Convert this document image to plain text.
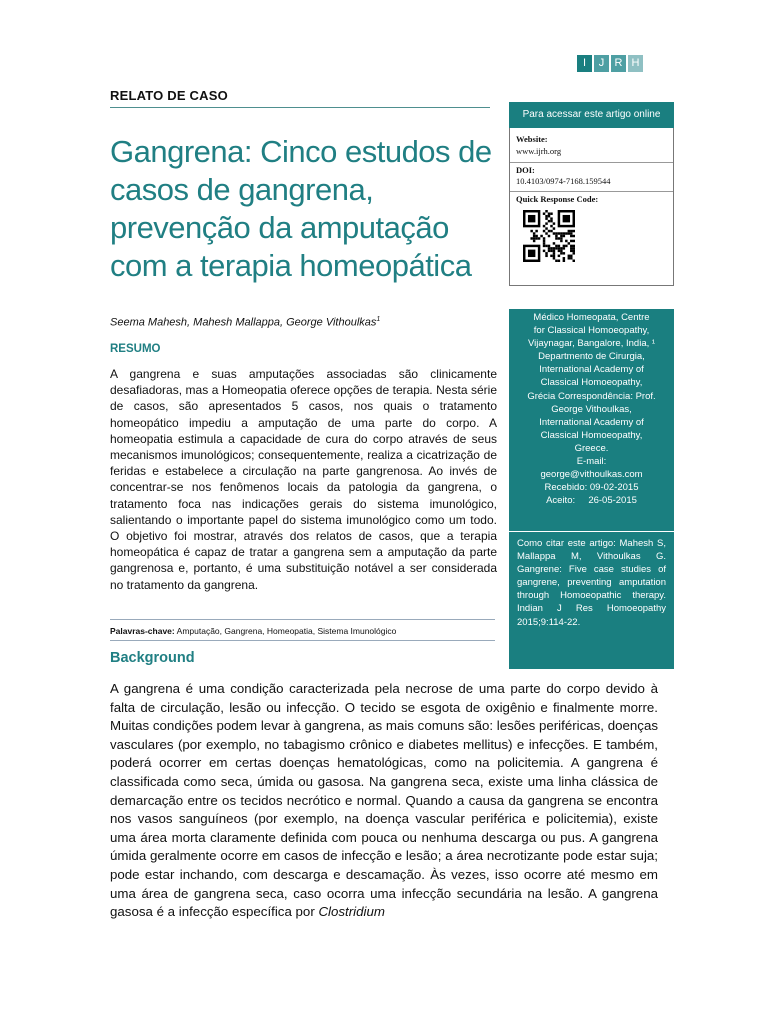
I	J R H
RELATO DE CASO
Gangrena: Cinco estudos de casos de gangrena, prevenção da amputação com a terapia homeopática
Seema Mahesh, Mahesh Mallappa, George Vithoulkas$^1$
RESUMO
A gangrena e suas amputações associadas são clinicamente desafiadoras, mas a Homeopatia oferece opções de terapia. Nesta série de casos, são apresentados 5 casos, nos quais o tratamento homeopático impediu a amputação de uma parte do corpo. A homeopatia estimula a capacidade de cura do corpo através de seus mecanismos imunológicos; consequentemente, realiza a cicatrização de feridas e estabelece a circulação na parte gangrenosa. Ao invés de concentrar-se nos fenômenos locais da patologia da gangrena, o tratamento foca nas indicações gerais do sistema imunológico, salientando o importante papel do sistema imunológico como um todo. O objetivo foi mostrar, através dos relatos de casos, que a terapia homeopática é capaz de tratar a gangrena sem a amputação da parte gangrenosa e, portanto, é uma substituição notável a ser considerada no tratamento da gangrena.
Palavras-chave: Amputação, Gangrena, Homeopatia, Sistema Imunológico
Background
A gangrena é uma condição caracterizada pela necrose de uma parte do corpo devido à falta de circulação, lesão ou infecção. O tecido se esgota de oxigênio e finalmente morre. Muitas condições podem levar à gangrena, as mais comuns são: lesões periféricas, doenças vasculares (por exemplo, no tabagismo crônico e diabetes mellitus) e infecções. E também, poderá ocorrer em certas doenças hematológicas, como na policitemia. A gangrena é classificada como seca, úmida ou gasosa. Na gangrena seca, existe uma linha clássica de demarcação entre os tecidos necrótico e normal. Quando a causa da gangrena se encontra nos vasos sanguíneos (por exemplo, na doença vascular periférica e policitemia), existe uma área morta claramente definida com pouca ou nenhuma descarga ou pus. A gangrena úmida geralmente ocorre em casos de infecção e lesão; a área necrotizante pode estar suja; pode estar inchando, com descarga e descamação. Às vezes, isso ocorre até mesmo em uma área de gangrena seca, caso ocorra uma infecção secundária na lesão. A gangrena gasosa é a infecção específica por Clostridium
Para acessar este artigo online
Website:
www.ijrh.org
DOI:
10.4103/0974-7168.159544
Quick Response Code:
Médico Homeopata, Centre
for Classical Homoeopathy,
Vijaynagar, Bangalore, India, ¹
Departmento de Cirurgia,
International Academy of
Classical Homoeopathy,
Grécia Correspondência: Prof.
George Vithoulkas,
International Academy of
Classical Homoeopathy,
Greece.
E-mail:
george@vithoulkas.com
Recebido: 09-02-2015
Aceito:     26-05-2015
Como citar este artigo: Mahesh S, Mallappa M, Vithoulkas G. Gangrene: Five case studies of gangrene, preventing amputation through Homoeopathic therapy. Indian J Res Homoeopathy 2015;9:114-22.
